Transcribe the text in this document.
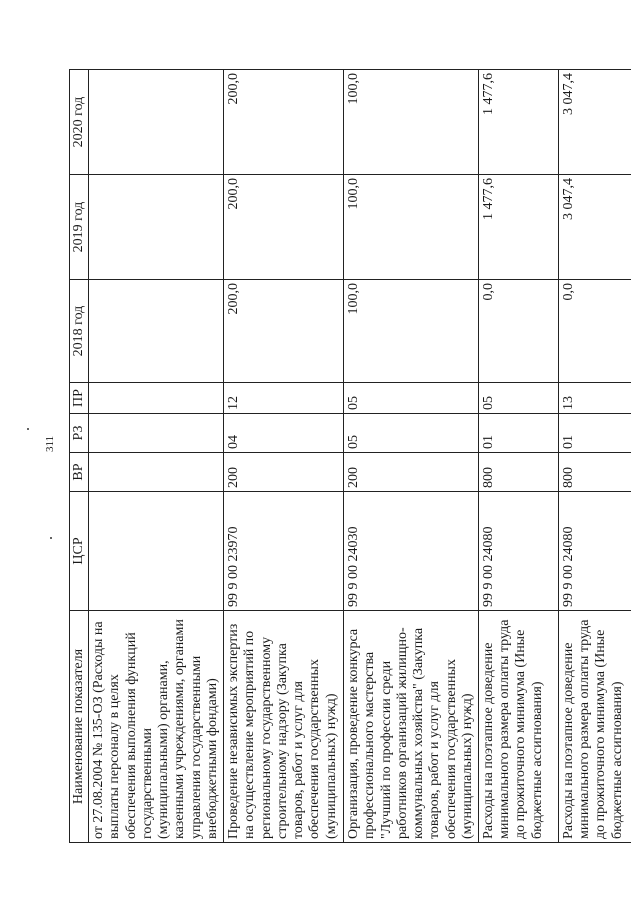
311
Наименование показателя	ЦСР	ВР	РЗ	ПР	2018 год	2019 год	2020 год
от 27.08.2004 № 135-ОЗ (Расходы на выплаты персоналу в целях обеспечения выполнения функций государственными (муниципальными) органами, казенными учреждениями, органами управления государственными внебюджетными фондами)							
Проведение независимых экспертиз на осуществление мероприятий по региональному государственному строительному надзору (Закупка товаров, работ и услуг для обеспечения государственных (муниципальных) нужд)	99 9 00 23970	200	04	12	200,0	200,0	200,0
Организация, проведение конкурса профессионального мастерства "Лучший по профессии среди работников организаций жилищно-коммунальных хозяйства" (Закупка товаров, работ и услуг для обеспечения государственных (муниципальных) нужд)	99 9 00 24030	200	05	05	100,0	100,0	100,0
Расходы на поэтапное доведение минимального размера оплаты труда до прожиточного минимума (Иные бюджетные ассигнования)	99 9 00 24080	800	01	05	0,0	1 477,6	1 477,6
Расходы на поэтапное доведение минимального размера оплаты труда до прожиточного минимума (Иные бюджетные ассигнования)	99 9 00 24080	800	01	13	0,0	3 047,4	3 047,4
